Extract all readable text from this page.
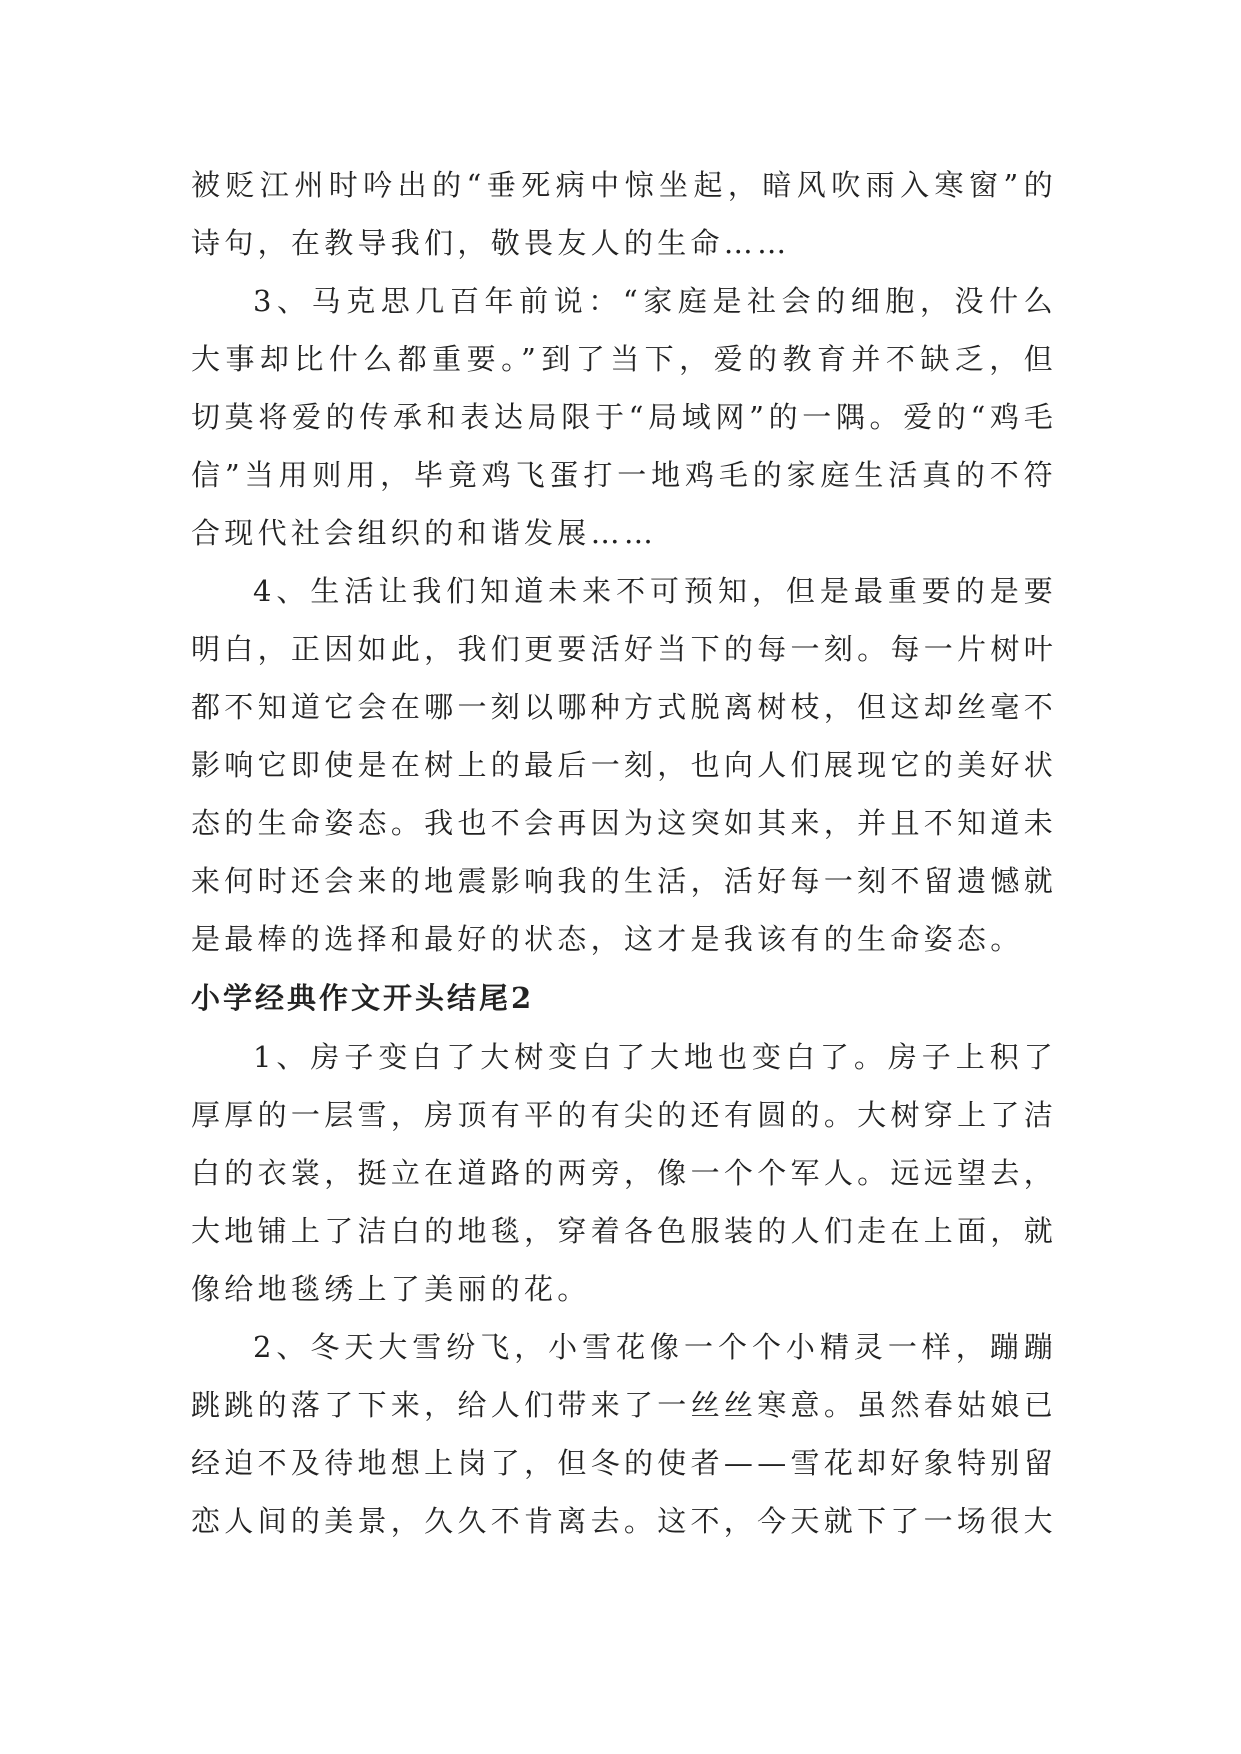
被贬江州时吟出的“垂死病中惊坐起，暗风吹雨入寒窗”的诗句，在教导我们，敬畏友人的生命……

3、马克思几百年前说：“家庭是社会的细胞，没什么大事却比什么都重要。”到了当下，爱的教育并不缺乏，但切莫将爱的传承和表达局限于“局域网”的一隅。爱的“鸡毛信”当用则用，毕竟鸡飞蛋打一地鸡毛的家庭生活真的不符合现代社会组织的和谐发展……

4、生活让我们知道未来不可预知，但是最重要的是要明白，正因如此，我们更要活好当下的每一刻。每一片树叶都不知道它会在哪一刻以哪种方式脱离树枝，但这却丝毫不影响它即使是在树上的最后一刻，也向人们展现它的美好状态的生命姿态。我也不会再因为这突如其来，并且不知道未来何时还会来的地震影响我的生活，活好每一刻不留遗憾就是最棒的选择和最好的状态，这才是我该有的生命姿态。

小学经典作文开头结尾2

1、房子变白了大树变白了大地也变白了。房子上积了厚厚的一层雪，房顶有平的有尖的还有圆的。大树穿上了洁白的衣裳，挺立在道路的两旁，像一个个军人。远远望去，大地铺上了洁白的地毯，穿着各色服装的人们走在上面，就像给地毯绣上了美丽的花。

2、冬天大雪纷飞，小雪花像一个个小精灵一样，蹦蹦跳跳的落了下来，给人们带来了一丝丝寒意。虽然春姑娘已经迫不及待地想上岗了，但冬的使者——雪花却好象特别留恋人间的美景，久久不肯离去。这不，今天就下了一场很大
